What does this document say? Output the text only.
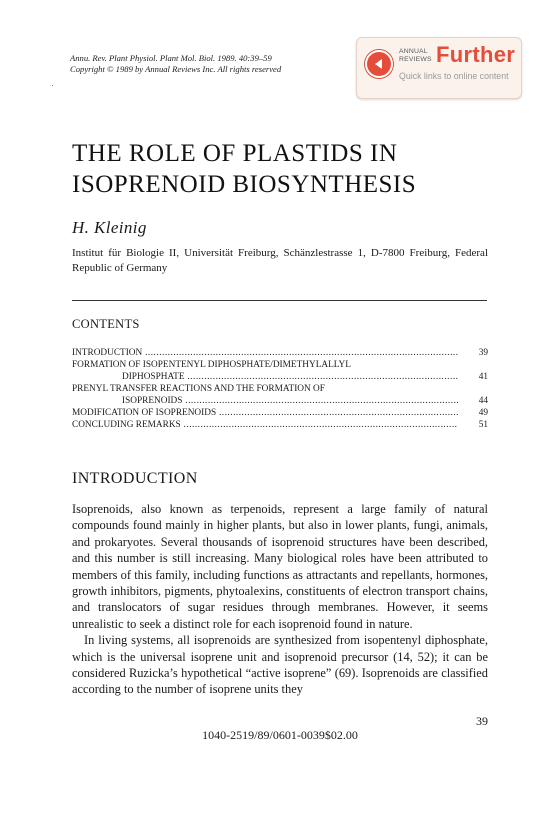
Annu. Rev. Plant Physiol. Plant Mol. Biol. 1989. 40:39–59
Copyright © 1989 by Annual Reviews Inc. All rights reserved
ANNUAL
REVIEWS Further
Quick links to online content
THE ROLE OF PLASTIDS IN
ISOPRENOID BIOSYNTHESIS
H. Kleinig
Institut für Biologie II, Universität Freiburg, Schänzlestrasse 1, D-7800 Freiburg, Federal Republic of Germany
CONTENTS
INTRODUCTION .....	39
FORMATION OF ISOPENTENYL DIPHOSPHATE/DIMETHYLALLYL
DIPHOSPHATE .....	41
PRENYL TRANSFER REACTIONS AND THE FORMATION OF
ISOPRENOIDS .....	44
MODIFICATION OF ISOPRENOIDS .....	49
CONCLUDING REMARKS .....	51
INTRODUCTION

Isoprenoids, also known as terpenoids, represent a large family of natural compounds found mainly in higher plants, but also in lower plants, fungi, animals, and prokaryotes. Several thousands of isoprenoid structures have been described, and this number is still increasing. Many biological roles have been attributed to members of this family, including functions as attractants and repellants, hormones, growth inhibitors, pigments, phytoalexins, constituents of electron transport chains, and translocators of sugar residues through membranes. However, it seems unrealistic to seek a distinct role for each isoprenoid found in nature.

In living systems, all isoprenoids are synthesized from isopentenyl diphosphate, which is the universal isoprene unit and isoprenoid precursor (14, 52); it can be considered Ruzicka’s hypothetical “active isoprene” (69). Isoprenoids are classified according to the number of isoprene units they

39
1040-2519/89/0601-0039$02.00
